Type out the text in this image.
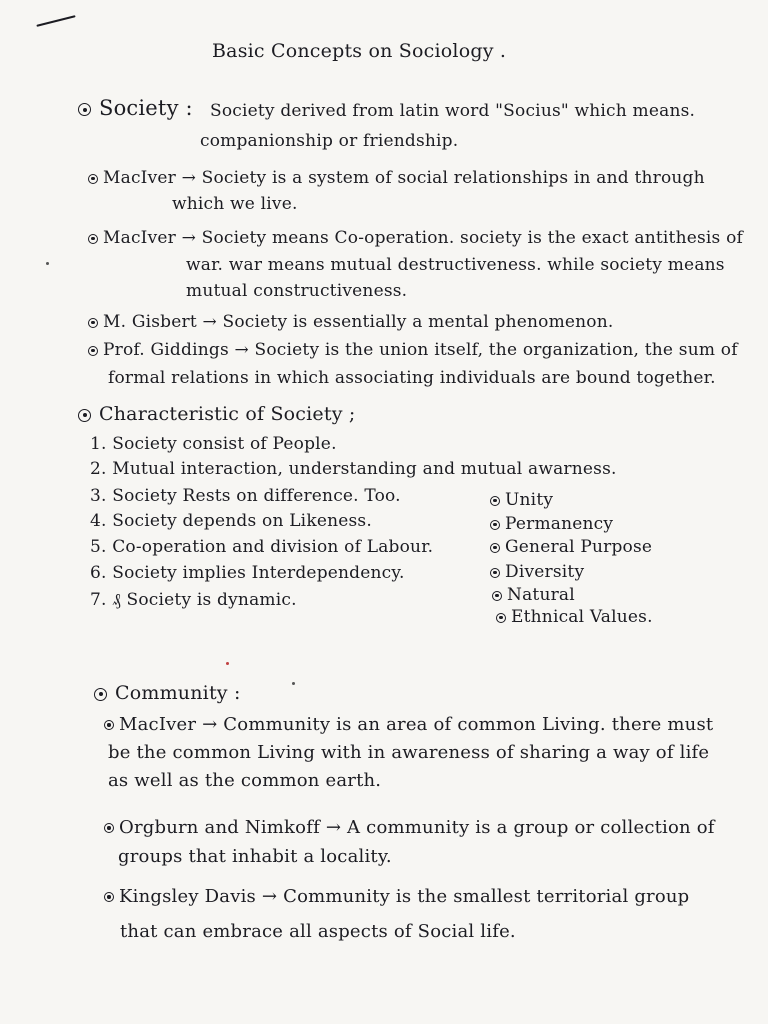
Basic Concepts on Sociology .
Society : Society derived from latin word "Socius" which means.
companionship or friendship.
MacIver → Society is a system of social relationships in and through
which we live.
MacIver → Society means Co-operation. society is the exact antithesis of
war. war means mutual destructiveness. while society means
mutual constructiveness.
M. Gisbert → Society is essentially a mental phenomenon.
Prof. Giddings → Society is the union itself, the organization, the sum of
formal relations in which associating individuals are bound together.
Characteristic of Society ;
1. Society consist of People.
2. Mutual interaction, understanding and mutual awarness.
3. Society Rests on difference. Too.
4. Society depends on Likeness.
5. Co-operation and division of Labour.
6. Society implies Interdependency.
7. ₰ Society is dynamic.
Unity
Permanency
General Purpose
Diversity
Natural
Ethnical Values.
Community :
MacIver → Community is an area of common Living. there must
be the common Living with in awareness of sharing a way of life
as well as the common earth.
Orgburn and Nimkoff → A community is a group or collection of
groups that inhabit a locality.
Kingsley Davis → Community is the smallest territorial group
that can embrace all aspects of Social life.
